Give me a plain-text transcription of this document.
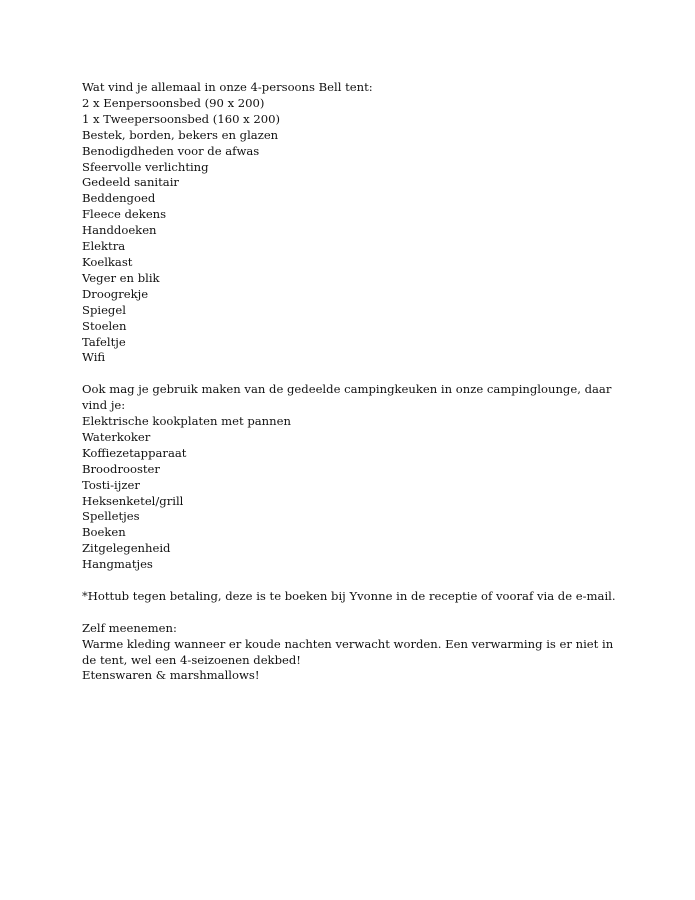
Wat vind je allemaal in onze 4-persoons Bell tent:
2 x Eenpersoonsbed (90 x 200)
1 x Tweepersoonsbed (160 x 200)
Bestek, borden, bekers en glazen
Benodigdheden voor de afwas
Sfeervolle verlichting
Gedeeld sanitair
Beddengoed
Fleece dekens
Handdoeken
Elektra
Koelkast
Veger en blik
Droogrekje
Spiegel
Stoelen
Tafeltje
Wifi
Ook mag je gebruik maken van de gedeelde campingkeuken in onze campinglounge, daar
vind je:
Elektrische kookplaten met pannen
Waterkoker
Koffiezetapparaat
Broodrooster
Tosti-ijzer
Heksenketel/grill
Spelletjes
Boeken
Zitgelegenheid
Hangmatjes
*Hottub tegen betaling, deze is te boeken bij Yvonne in de receptie of vooraf via de e-mail.
Zelf meenemen:
Warme kleding wanneer er koude nachten verwacht worden. Een verwarming is er niet in
de tent, wel een 4-seizoenen dekbed!
Etenswaren & marshmallows!
